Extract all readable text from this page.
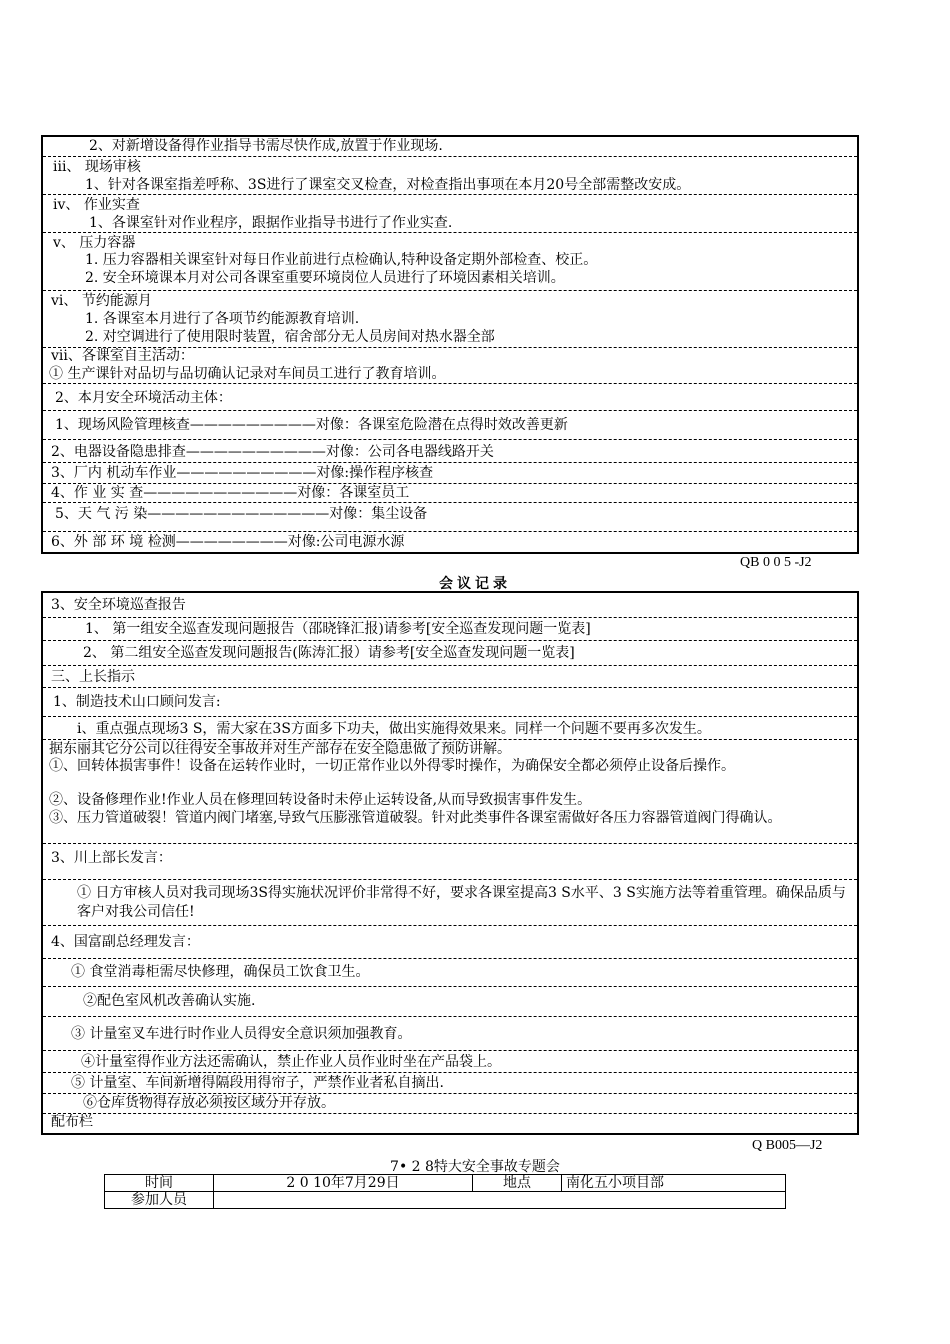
2、对新增设备得作业指导书需尽快作成,放置于作业现场.
iii、 现场审核
1、针对各课室指差呼称、3S进行了课室交叉检查，对检查指出事项在本月20号全部需整改安成。
iv、 作业实查
1、各课室针对作业程序，跟据作业指导书进行了作业实查.
v、 压力容器
1. 压力容器相关课室针对每日作业前进行点检确认,特种设备定期外部检查、校正。
2. 安全环境课本月对公司各课室重要环境岗位人员进行了环境因素相关培训。
vi、 节约能源月
1. 各课室本月进行了各项节约能源教育培训.
2. 对空调进行了使用限时装置，宿舍部分无人员房间对热水器全部
vii、各课室自主活动：
① 生产课针对品切与品切确认记录对车间员工进行了教育培训。
2、本月安全环境活动主体：
1、现场风险管理核查—————————对像：各课室危险潜在点得时效改善更新
2、电器设备隐患排查——————————对像：公司各电器线路开关
3、厂内 机动车作业——————————对像:操作程序核查
4、作 业 实 查———————————对像：各课室员工
5、天 气 污 染—————————————对像：集尘设备
6、外 部 环 境 检测————————对像:公司电源水源
QB 0 0 5 -J2
会议记录
3、安全环境巡查报告
1、 第一组安全巡查发现问题报告（邵晓锋汇报)请参考[安全巡查发现问题一览表]
2、 第二组安全巡查发现问题报告(陈涛汇报）请参考[安全巡查发现问题一览表]
三、上长指示
1、制造技术山口顾问发言:
i、重点强点现场3 S，需大家在3S方面多下功夫，做出实施得效果来。同样一个问题不要再多次发生。
据东丽其它分公司以往得安全事故并对生产部存在安全隐患做了预防讲解。
①、回转体损害事件！设备在运转作业时，一切正常作业以外得零时操作，为确保安全都必须停止设备后操作。
②、设备修理作业!作业人员在修理回转设备时未停止运转设备,从而导致损害事件发生。
③、压力管道破裂！管道内阀门堵塞,导致气压膨涨管道破裂。针对此类事件各课室需做好各压力容器管道阀门得确认。
3、川上部长发言：
① 日方审核人员对我司现场3S得实施状况评价非常得不好，要求各课室提高3 S水平、3 S实施方法等着重管理。确保品质与客户对我公司信任!
4、国富副总经理发言：
① 食堂消毒柜需尽快修理，确保员工饮食卫生。
②配色室风机改善确认实施.
③ 计量室叉车进行时作业人员得安全意识须加强教育。
④计量室得作业方法还需确认，禁止作业人员作业时坐在产品袋上。
⑤ 计量室、车间新增得隔段用得帘子，严禁作业者私自摘出.
⑥仓库货物得存放必须按区域分开存放。
配布栏
Q B005—J2
7• 2 8特大安全事故专题会
时间	2 0 10年7月29日	地点	南化五小项目部
参加人员			
